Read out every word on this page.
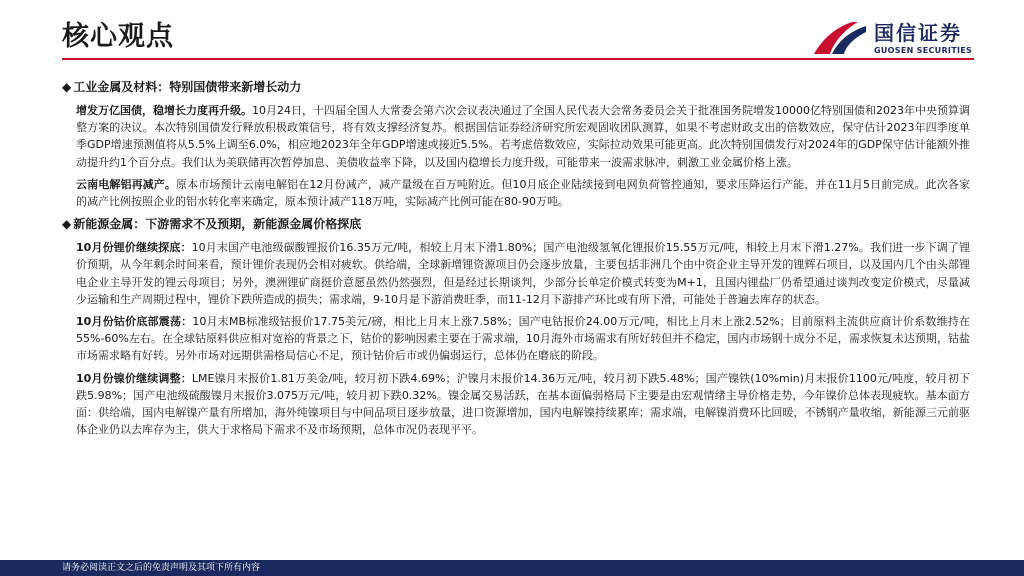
核心观点	国信证券
GUOSEN SECURITIES
◆ 工业金属及材料：特别国债带来新增长动力

增发万亿国债，稳增长力度再升级。10月24日，十四届全国人大常委会第六次会议表决通过了全国人民代表大会常务委员会关于批准国务院增发10000亿特别国债和2023年中央预算调整方案的决议。本次特别国债发行释放积极政策信号，将有效支撑经济复苏。根据国信证券经济研究所宏观固收团队测算，如果不考虑财政支出的倍数效应，保守估计2023年四季度单季GDP增速预测值将从5.5%上调至6.0%，相应地2023年全年GDP增速或接近5.5%。若考虑倍数效应，实际拉动效果可能更高。此次特别国债发行对2024年的GDP保守估计能额外推动提升约1个百分点。我们认为美联储再次暂停加息、美债收益率下降，以及国内稳增长力度升级，可能带来一波需求脉冲，刺激工业金属价格上涨。

云南电解铝再减产。原本市场预计云南电解铝在12月份减产，减产量级在百万吨附近。但10月底企业陆续接到电网负荷管控通知，要求压降运行产能，并在11月5日前完成。此次各家的减产比例按照企业的铝水转化率来确定，原本预计减产118万吨，实际减产比例可能在80-90万吨。

◆ 新能源金属：下游需求不及预期，新能源金属价格探底

10月份锂价继续探底：10月末国产电池级碳酸锂报价16.35万元/吨，相较上月末下滑1.80%；国产电池级氢氧化锂报价15.55万元/吨，相较上月末下滑1.27%。我们进一步下调了锂价预期，从今年剩余时间来看，预计锂价表现仍会相对疲软。供给端，全球新增锂资源项目仍会逐步放量，主要包括非洲几个由中资企业主导开发的锂辉石项目，以及国内几个由头部锂电企业主导开发的锂云母项目；另外，澳洲锂矿商挺价意愿虽然仍然强烈，但是经过长期谈判，少部分长单定价模式转变为M+1，且国内锂盐厂仍希望通过谈判改变定价模式，尽量减少运输和生产周期过程中，锂价下跌所造成的损失；需求端，9-10月是下游消费旺季，而11-12月下游排产环比或有所下滑，可能处于普遍去库存的状态。

10月份钴价底部震荡：10月末MB标准级钴报价17.75美元/磅，相比上月末上涨7.58%；国产电钴报价24.00万元/吨，相比上月末上涨2.52%；目前原料主流供应商计价系数维持在55%-60%左右。在全球钴原料供应相对宽裕的背景之下，钴价的影响因素主要在于需求端，10月海外市场需求有所好转但并不稳定，国内市场钢十成分不足，需求恢复未达预期，钴盐市场需求略有好转。另外市场对远期供需格局信心不足，预计钴价后市或仍偏弱运行，总体仍在磨底的阶段。

10月份镍价继续调整：LME镍月末报价1.81万美金/吨，较月初下跌4.69%；沪镍月末报价14.36万元/吨，较月初下跌5.48%；国产镍铁(10%min)月末报价1100元/吨度，较月初下跌5.98%；国产电池级硫酸镍月末报价3.075万元/吨，较月初下跌0.32%。镍金属交易活跃，在基本面偏弱格局下主要是由宏观情绪主导价格走势，今年镍价总体表现疲软。基本面方面：供给端，国内电解镍产量有所增加，海外纯镍项目与中间品项目逐步放量，进口资源增加，国内电解镍持续累库；需求端，电解镍消费环比回暖，不锈钢产量收缩，新能源三元前驱体企业仍以去库存为主，供大于求格局下需求不及市场预期，总体市况仍表现平平。

请务必阅读正文之后的免责声明及其项下所有内容
